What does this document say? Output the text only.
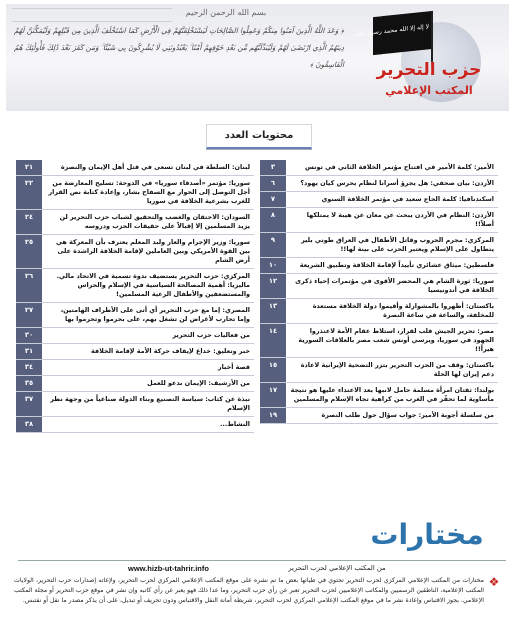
بسم الله الرحمن الرحيم
﴿ وَعَدَ اللَّهُ الَّذِينَ آمَنُوا مِنكُمْ وَعَمِلُوا الصَّالِحَاتِ لَيَسْتَخْلِفَنَّهُمْ فِي الْأَرْضِ كَمَا اسْتَخْلَفَ الَّذِينَ مِن قَبْلِهِمْ وَلَيُمَكِّنَنَّ لَهُمْ دِينَهُمُ الَّذِي ارْتَضَىٰ لَهُمْ وَلَيُبَدِّلَنَّهُم مِّن بَعْدِ خَوْفِهِمْ أَمْنًا ۚ يَعْبُدُونَنِي لَا يُشْرِكُونَ بِي شَيْئًا ۚ وَمَن كَفَرَ بَعْدَ ذَٰلِكَ فَأُولَٰئِكَ هُمُ الْفَاسِقُونَ ﴾
لا إله إلا الله محمد رسول الله
حزب التحرير
المكتب الإعلامي
محتويات العدد
٣	الأمير: كلمة الأمير في افتتاح مؤتمر الخلافة الثاني في تونس
٦	الأردن: بيان صحفي: هل يجرؤ أسرانا لنظام يحرس كيان يهود؟
٧	اسكندنافيا: كلمة الحاج سعيد في مؤتمر الخلافة السنوي
٨	الأردن: النظام في الأردن يبحث عن معان عن هيبة لا يمتلكها أصلاً!!
٩	المركزي: مجرم الحروب وقاتل الأطفال في العراق طوني بلير يتطاول على الإسلام ويعتبر الحزب على بينة لها!!
١٠	فلسطين: ميثاق عشائري تأييداً لإقامة الخلافة وتطبيق الشريعة
١٢	سوريا: ثورة الشام هي المحضر الأقوى في مؤتمرات إحياء ذكرى الخلافة في أندونيسيا
١٣	باكستان: أظهروا بالمشوارلة وأقيموا دولة الخلافة مستعدة للمخلفة، والساعة في ساعة النصرة
١٤	مصر: تحرير الجيش قلب لقرار، استلاط عقام الأمة لاعتذروا الجهود في سوريا، ويرسي أونس شعب مصر بالعلاقات السورية هيراً!!
١٥	باكستان: وقف من الحزب التحرير بتزر التضحية الإيرانية لاعادة دعم إيران لها الحلة
١٧	بولندا: ثقتان امرأة مسلمة حامل لانبها بعد الاعتداء عليها هو نتيجة مأساوية لما تحقّر في الغرب من كراهية تجاه الإسلام والمسلمين
١٩	من سلسلة أجوبة الأمير: جواب سؤال حول طلب النصرة
٢١	لبنان: السلطة في لبنان تسعى في قتل أهل الإيمان والنصرة
٢٢	سوريا: مؤتمر «أصدقاء سوريا» في الدوحة: تسليح المعارضة من أجل التوصل إلى الحوار مع السفاح بشار، وإعادة كتابة نص القرار للغرب بشرعية الخلافة في سوريا
٢٤	السودان: الاحتقان والغضب والتحقيق لشباب حزب التحرير لن يزيد المسلمين إلا إقبالاً على حقيقات الحزب ودروسه
٢٥	سوريا: وزير الإجرام والعار ولبد المعلم يعترف بأن المعركة هي بين القوة الأمريكي وبين العاملين لإقامة الخلافة الراشدة على أرض الشام
٢٦	المركزي: حزب التحرير يستضيف ندوة تسمية في الاتحاد مالي. ماليزيا: أهمية المصالحة السياسية في الإسلام والحراس والمستضعفين والأطفال الرعية المسلمين!
٢٧	المصري: إما مع حزب التحرير أي أتى على الأطراف الهامتين، وإما تحارب لأغراض لن تشغل بهم، على بحرموا وتحرموا بها
٣٠	من فعاليات حزب التحرير
٣١	خبر وتعليق: خداع لإيقاف حركة الأمة لإقامة الخلافة
٣٤	قصة أخبار
٣٥	من الأرشيف: الإيمان بدعو للعمل
٣٧	نبذة عن كتاب: سياسة التصنيع وبناء الدولة صناعياً من وجهة نظر الإسلام
٣٨	النشاط...
مختارات
www.hizb-ut-tahrir.info	من المكتب الإعلامي لحزب التحرير
❖
مختارات من المكتب الإعلامي المركزي لحزب التحرير تحتوي في طياتها بعض ما تم نشره على موقع المكتب الإعلامي المركزي لحزب التحرير، ولإعاته إصدارات حزب التحرير، الولايات المكتب الإعلامية، الناطقين الرسميين والمكاتب الإعلاميين لحزب التحرير تعبر عن رأي حزب التحرير، وما عدا ذلك فهو يعبر عن رأي كاتبه وإن نشر في موقع حزب التحرير أو مجلة المكتب الإعلامي. يجوز الاقتباس وإعادة نشر ما في موقع المكتب الإعلامي المركزي لحزب التحرير، شريطة أمانة النقل والاقتباس ودون تحريف أو تبديل، على أن يذكر مصدر ما نقل أو نقتبس.
